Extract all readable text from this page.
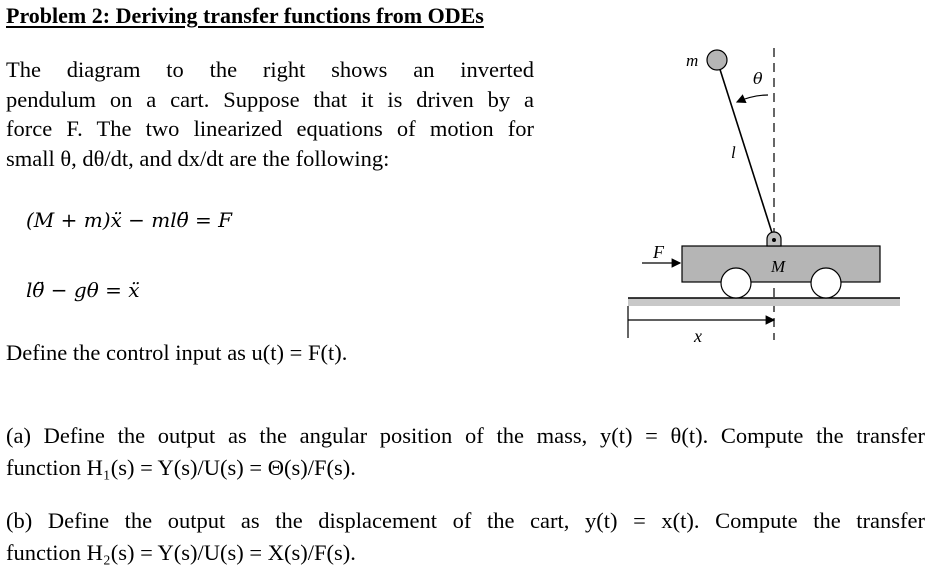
Problem 2: Deriving transfer functions from ODEs
The diagram to the right shows an inverted
pendulum on a cart. Suppose that it is driven by a
force F. The two linearized equations of motion for
small θ, dθ/dt, and dx/dt are the following:
(M + m)ẍ − mlθ̈ = F
lθ̈ − gθ = ẍ
Define the control input as u(t) = F(t).
(a) Define the output as the angular position of the mass, y(t) = θ(t). Compute the transfer
function H₁(s) = Y(s)/U(s) = Θ(s)/F(s).
(b) Define the output as the displacement of the cart, y(t) = x(t). Compute the transfer
function H₂(s) = Y(s)/U(s) = X(s)/F(s).
x
M
F
m
θ
l
